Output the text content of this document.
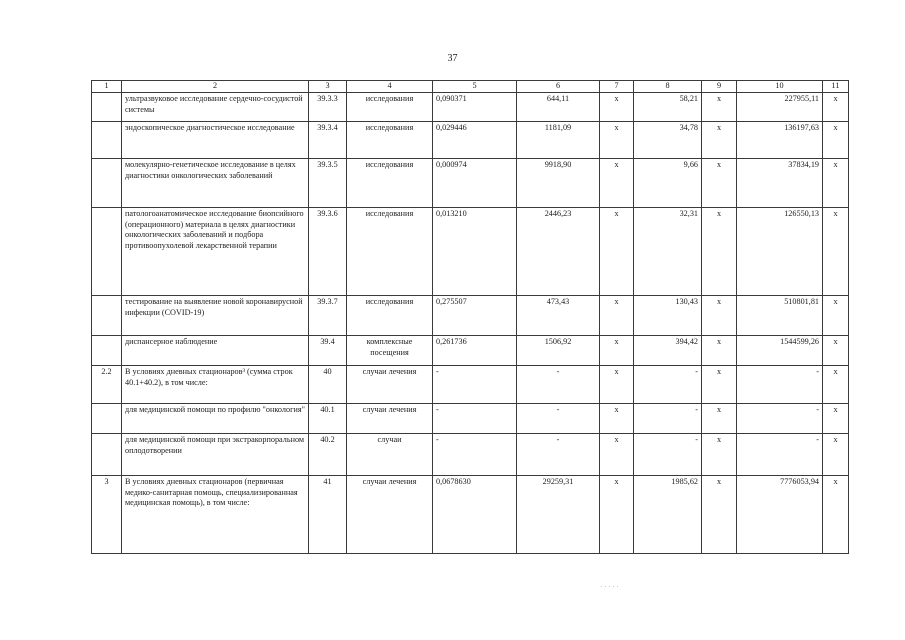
37
1	2	3	4	5	6	7	8	9	10	11
	ультразвуковое исследование сердечно-сосудистой системы	39.3.3	исследования	0,090371	644,11	х	58,21	х	227955,11	х
	эндоскопическое диагностическое исследование	39.3.4	исследования	0,029446	1181,09	х	34,78	х	136197,63	х
	молекулярно-генетическое исследование в целях диагностики онкологических заболеваний	39.3.5	исследования	0,000974	9918,90	х	9,66	х	37834,19	х
	патологоанатомическое исследование биопсийного (операционного) материала в целях диагностики онкологических заболеваний и подбора противоопухолевой лекарственной терапии	39.3.6	исследования	0,013210	2446,23	х	32,31	х	126550,13	х
	тестирование на выявление новой коронавирусной инфекции (COVID-19)	39.3.7	исследования	0,275507	473,43	х	130,43	х	510801,81	х
	диспансерное наблюдение	39.4	комплексные посещения	0,261736	1506,92	х	394,42	х	1544599,26	х
2.2	В условиях дневных стационаров³ (сумма строк 40.1+40.2), в том числе:	40	случаи лечения	-	-	х	-	х	-	х
	для медицинской помощи по профилю "онкология"	40.1	случаи лечения	-	-	х	-	х	-	х
	для медицинской помощи при экстракорпоральном оплодотворении	40.2	случаи	-	-	х	-	х	-	х
3	В условиях дневных стационаров (первичная медико-санитарная помощь, специализированная медицинская помощь), в том числе:	41	случаи лечения	0,0678630	29259,31	х	1985,62	х	7776053,94	х
· · · · ·
